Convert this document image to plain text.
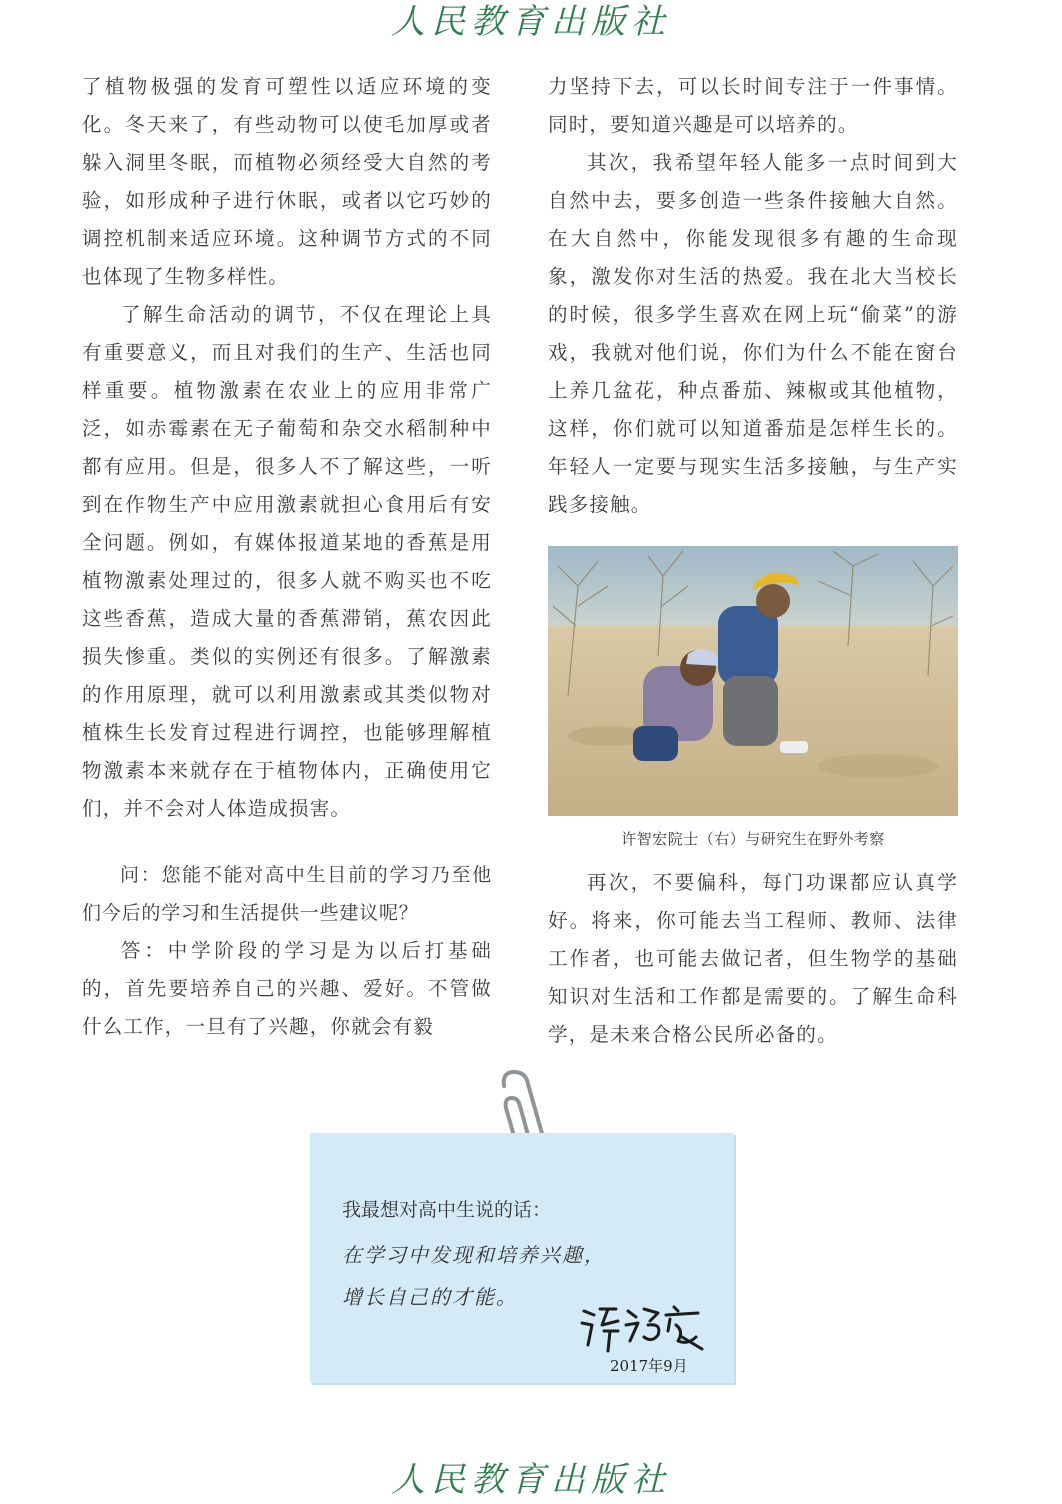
人民教育出版社

了植物极强的发育可塑性以适应环境的变化。冬天来了，有些动物可以使毛加厚或者躲入洞里冬眠，而植物必须经受大自然的考验，如形成种子进行休眠，或者以它巧妙的调控机制来适应环境。这种调节方式的不同也体现了生物多样性。

了解生命活动的调节，不仅在理论上具有重要意义，而且对我们的生产、生活也同样重要。植物激素在农业上的应用非常广泛，如赤霉素在无子葡萄和杂交水稻制种中都有应用。但是，很多人不了解这些，一听到在作物生产中应用激素就担心食用后有安全问题。例如，有媒体报道某地的香蕉是用植物激素处理过的，很多人就不购买也不吃这些香蕉，造成大量的香蕉滞销，蕉农因此损失惨重。类似的实例还有很多。了解激素的作用原理，就可以利用激素或其类似物对植株生长发育过程进行调控，也能够理解植物激素本来就存在于植物体内，正确使用它们，并不会对人体造成损害。

问：您能不能对高中生目前的学习乃至他们今后的学习和生活提供一些建议呢？

答：中学阶段的学习是为以后打基础的，首先要培养自己的兴趣、爱好。不管做什么工作，一旦有了兴趣，你就会有毅

力坚持下去，可以长时间专注于一件事情。同时，要知道兴趣是可以培养的。

其次，我希望年轻人能多一点时间到大自然中去，要多创造一些条件接触大自然。在大自然中，你能发现很多有趣的生命现象，激发你对生活的热爱。我在北大当校长的时候，很多学生喜欢在网上玩“偷菜”的游戏，我就对他们说，你们为什么不能在窗台上养几盆花，种点番茄、辣椒或其他植物，这样，你们就可以知道番茄是怎样生长的。年轻人一定要与现实生活多接触，与生产实践多接触。

许智宏院士（右）与研究生在野外考察

再次，不要偏科，每门功课都应认真学好。将来，你可能去当工程师、教师、法律工作者，也可能去做记者，但生物学的基础知识对生活和工作都是需要的。了解生命科学，是未来合格公民所必备的。

我最想对高中生说的话：
在学习中发现和培养兴趣，
增长自己的才能。
2017年9月
人民教育出版社
